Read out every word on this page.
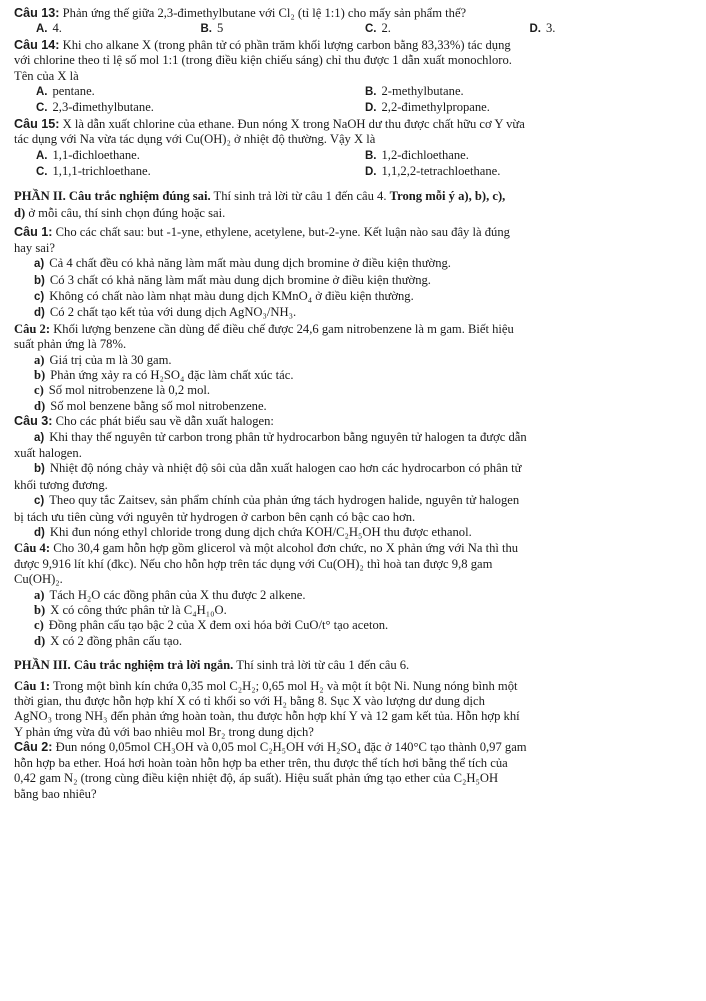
Câu 13: Phản ứng thế giữa 2,3-đimethylbutane với Cl₂ (tỉ lệ 1:1) cho mấy sản phẩm thế?

A. 4.	B. 5	C. 2.	D. 3.

Câu 14: Khi cho alkane X (trong phân tử có phần trăm khối lượng carbon bằng 83,33%) tác dụng

với chlorine theo tỉ lệ số mol 1:1 (trong điều kiện chiếu sáng) chỉ thu được 1 dẫn xuất monochloro.

Tên của X là

A. pentane.	B. 2-methylbutane.
C. 2,3-đimethylbutane.	D. 2,2-đimethylpropane.

Câu 15: X là dẫn xuất chlorine của ethane. Đun nóng X trong NaOH dư thu được chất hữu cơ Y vừa

tác dụng với Na vừa tác dụng với Cu(OH)₂ ở nhiệt độ thường. Vậy X là

A. 1,1-đichloethane.	B. 1,2-đichloethane.
C. 1,1,1-trichloethane.	D. 1,1,2,2-tetrachloethane.

PHẦN II. Câu trắc nghiệm đúng sai. Thí sinh trả lời từ câu 1 đến câu 4. Trong mỗi ý a), b), c),

d) ở mỗi câu, thí sinh chọn đúng hoặc sai.

Câu 1: Cho các chất sau: but -1-yne, ethylene, acetylene, but-2-yne. Kết luận nào sau đây là đúng

hay sai?

a) Cả 4 chất đều có khả năng làm mất màu dung dịch bromine ở điều kiện thường.

b) Có 3 chất có khả năng làm mất màu dung dịch bromine ở điều kiện thường.

c) Không có chất nào làm nhạt màu dung dịch KMnO₄ ở điều kiện thường.

d) Có 2 chất tạo kết tủa với dung dịch AgNO₃/NH₃.

Câu 2: Khối lượng benzene cần dùng để điều chế được 24,6 gam nitrobenzene là m gam. Biết hiệu

suất phản ứng là 78%.

a) Giá trị của m là 30 gam.

b) Phản ứng xảy ra có H₂SO₄ đặc làm chất xúc tác.

c) Số mol nitrobenzene là 0,2 mol.

d) Số mol benzene bằng số mol nitrobenzene.

Câu 3: Cho các phát biểu sau về dẫn xuất halogen:

a) Khi thay thế nguyên tử carbon trong phân tử hydrocarbon bằng nguyên tử halogen ta được dẫn

xuất halogen.

b) Nhiệt độ nóng chảy và nhiệt độ sôi của dẫn xuất halogen cao hơn các hydrocarbon có phân tử

khối tương đương.

c) Theo quy tắc Zaitsev, sản phẩm chính của phản ứng tách hydrogen halide, nguyên tử halogen

bị tách ưu tiên cùng với nguyên tử hydrogen ở carbon bên cạnh có bậc cao hơn.

d) Khi đun nóng ethyl chloride trong dung dịch chứa KOH/C₂H₅OH thu được ethanol.

Câu 4: Cho 30,4 gam hỗn hợp gồm glicerol và một alcohol đơn chức, no X phản ứng với Na thì thu

được 9,916 lít khí (đkc). Nếu cho hỗn hợp trên tác dụng với Cu(OH)₂ thì hoà tan được 9,8 gam

Cu(OH)₂.

a) Tách H₂O các đồng phân của X thu được 2 alkene.

b) X có công thức phân tử là C₄H₁₀O.

c) Đồng phân cấu tạo bậc 2 của X đem oxi hóa bởi CuO/t° tạo aceton.

d) X có 2 đồng phân cấu tạo.

PHẦN III. Câu trắc nghiệm trả lời ngắn. Thí sinh trả lời từ câu 1 đến câu 6.

Câu 1: Trong một bình kín chứa 0,35 mol C₂H₂; 0,65 mol H₂ và một ít bột Ni. Nung nóng bình một

thời gian, thu được hỗn hợp khí X có tỉ khối so với H₂ bằng 8. Sục X vào lượng dư dung dịch

AgNO₃ trong NH₃ đến phản ứng hoàn toàn, thu được hỗn hợp khí Y và 12 gam kết tủa. Hỗn hợp khí

Y phản ứng vừa đủ với bao nhiêu mol Br₂ trong dung dịch?

Câu 2: Đun nóng 0,05mol CH₃OH và 0,05 mol C₂H₅OH với H₂SO₄ đặc ở 140°C tạo thành 0,97 gam

hỗn hợp ba ether. Hoá hơi hoàn toàn hỗn hợp ba ether trên, thu được thể tích hơi bằng thể tích của

0,42 gam N₂ (trong cùng điều kiện nhiệt độ, áp suất). Hiệu suất phản ứng tạo ether của C₂H₅OH

bằng bao nhiêu?
